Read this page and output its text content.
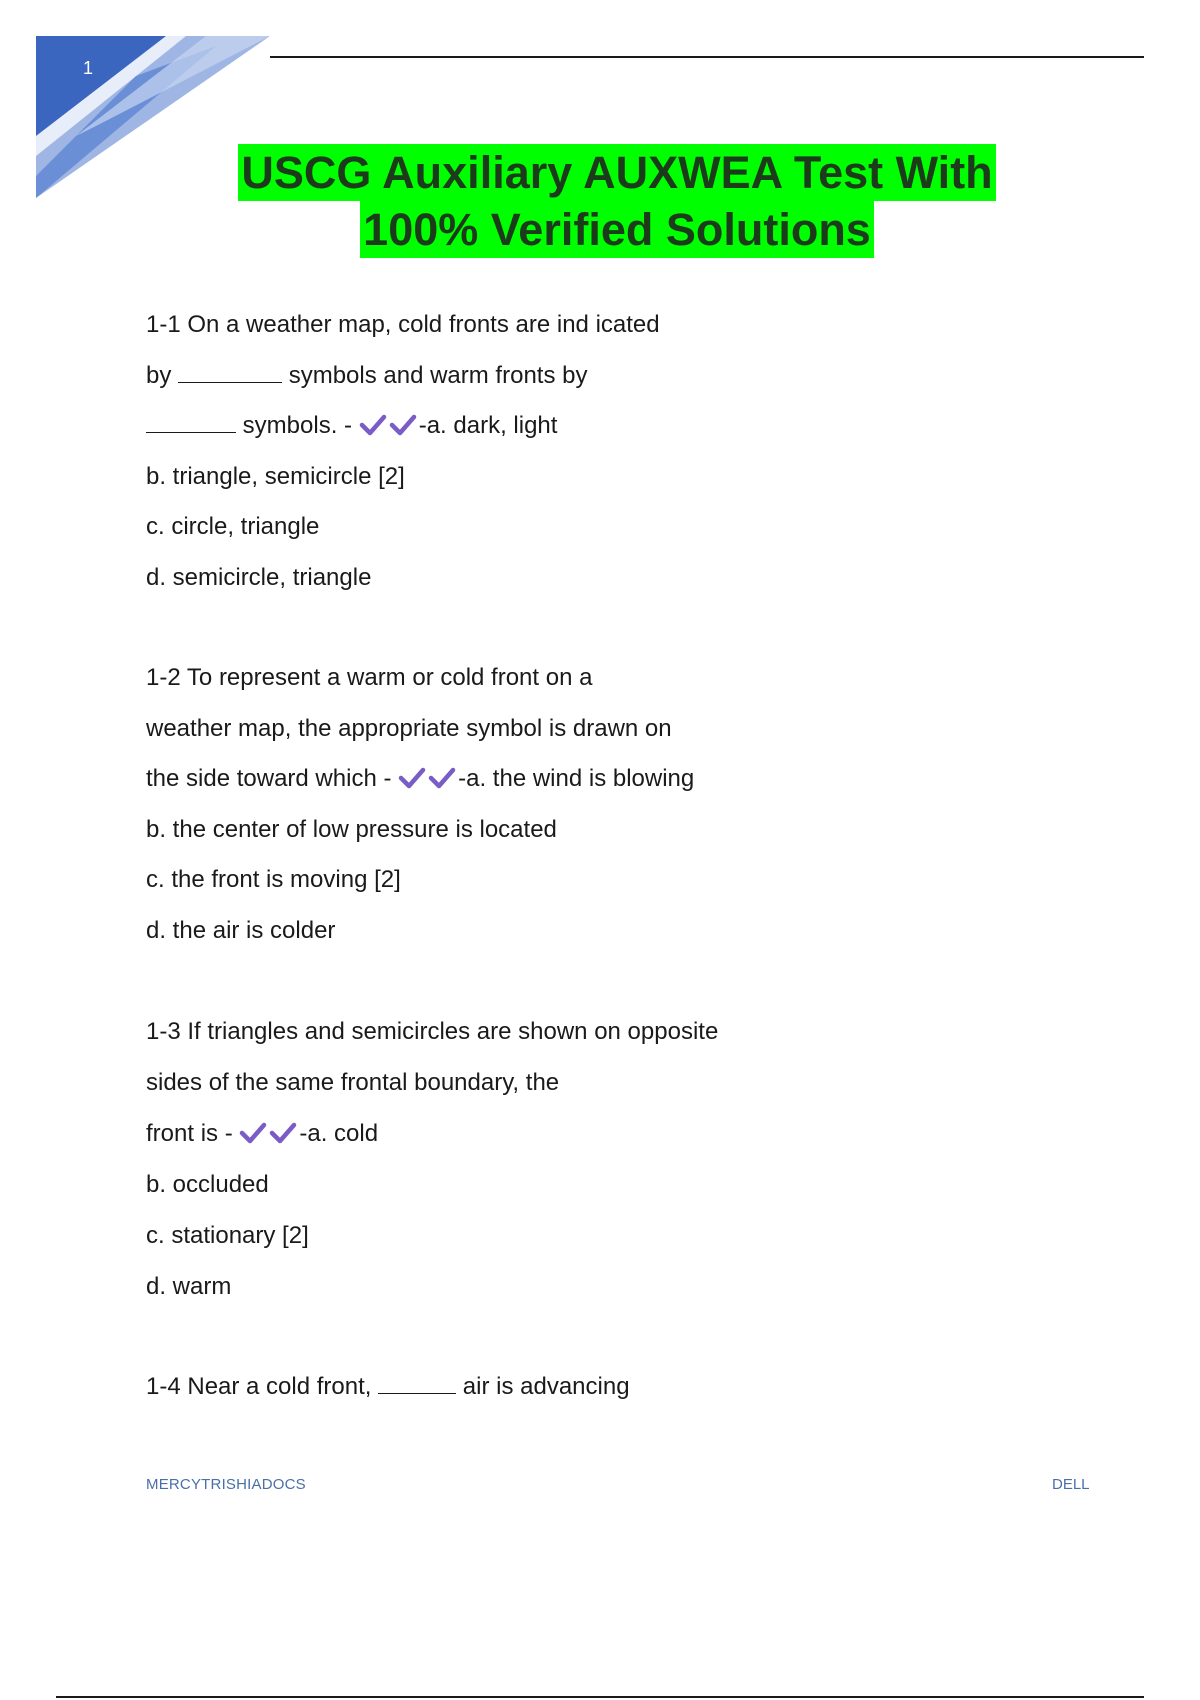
1
USCG Auxiliary AUXWEA Test With
100% Verified Solutions
1-1 On a weather map, cold fronts are ind icated
by	symbols and warm fronts by
symbols. -	-a. dark, light
b. triangle, semicircle [2]
c. circle, triangle
d. semicircle, triangle
1-2 To represent a warm or cold front on a
weather map, the appropriate symbol is drawn on
the side toward which -	-a. the wind is blowing
b. the center of low pressure is located
c. the front is moving [2]
d. the air is colder
1-3 If triangles and semicircles are shown on opposite
sides of the same frontal boundary, the
front is -	-a. cold
b. occluded
c. stationary [2]
d. warm
1-4 Near a cold front,	air is advancing
MERCYTRISHIADOCS	DELL
